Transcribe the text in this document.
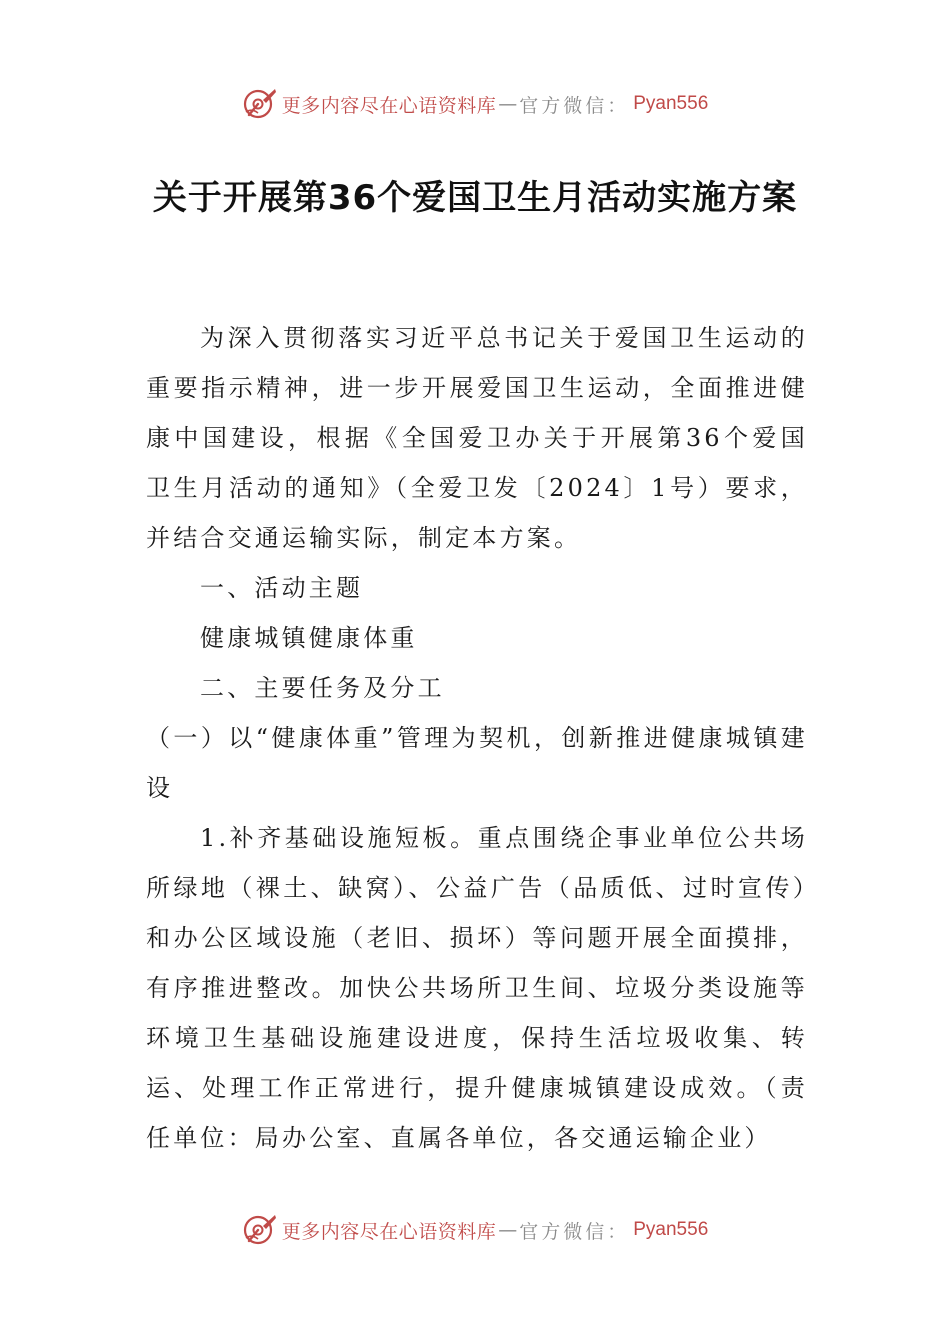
更多内容尽在心语资料库 — 官方微信： Pyan556
关于开展第36个爱国卫生月活动实施方案

为深入贯彻落实习近平总书记关于爱国卫生运动的重要指示精神，进一步开展爱国卫生运动，全面推进健康中国建设，根据《全国爱卫办关于开展第36个爱国卫生月活动的通知》（全爱卫发〔2024〕1号）要求，并结合交通运输实际，制定本方案。

一、活动主题

健康城镇健康体重

二、主要任务及分工

（一）以“健康体重”管理为契机，创新推进健康城镇建设

1.补齐基础设施短板。重点围绕企事业单位公共场所绿地（裸土、缺窝）、公益广告（品质低、过时宣传）和办公区域设施（老旧、损坏）等问题开展全面摸排，有序推进整改。加快公共场所卫生间、垃圾分类设施等环境卫生基础设施建设进度，保持生活垃圾收集、转运、处理工作正常进行，提升健康城镇建设成效。（责任单位：局办公室、直属各单位，各交通运输企业）

更多内容尽在心语资料库 — 官方微信： Pyan556
